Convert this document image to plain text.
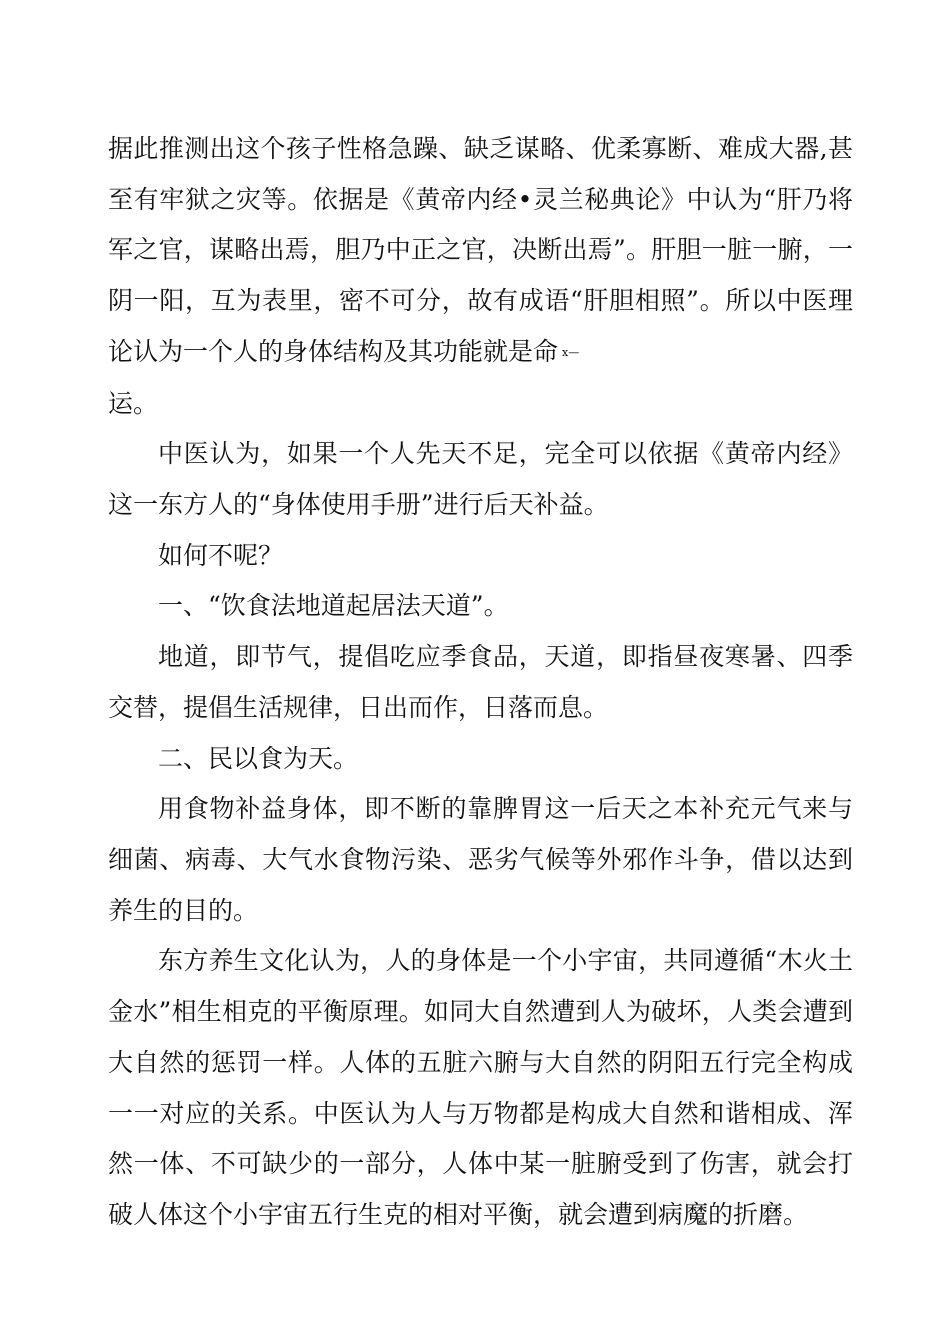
据此推测出这个孩子性格急躁、缺乏谋略、优柔寡断、难成大器,甚至有牢狱之灾等。依据是《黄帝内经•灵兰秘典论》中认为“肝乃将军之官，谋略出焉，胆乃中正之官，决断出焉”。肝胆一脏一腑，一阴一阳，互为表里，密不可分，故有成语“肝胆相照”。所以中医理论认为一个人的身体结构及其功能就是命 x—

运。

中医认为，如果一个人先天不足，完全可以依据《黄帝内经》这一东方人的“身体使用手册”进行后天补益。

如何不呢？

一、“饮食法地道起居法天道”。

地道，即节气，提倡吃应季食品，天道，即指昼夜寒暑、四季交替，提倡生活规律，日出而作，日落而息。

二、民以食为天。

用食物补益身体，即不断的靠脾胃这一后天之本补充元气来与细菌、病毒、大气水食物污染、恶劣气候等外邪作斗争，借以达到养生的目的。

东方养生文化认为，人的身体是一个小宇宙，共同遵循“木火土金水”相生相克的平衡原理。如同大自然遭到人为破坏，人类会遭到大自然的惩罚一样。人体的五脏六腑与大自然的阴阳五行完全构成一一对应的关系。中医认为人与万物都是构成大自然和谐相成、浑然一体、不可缺少的一部分，人体中某一脏腑受到了伤害，就会打破人体这个小宇宙五行生克的相对平衡，就会遭到病魔的折磨。
